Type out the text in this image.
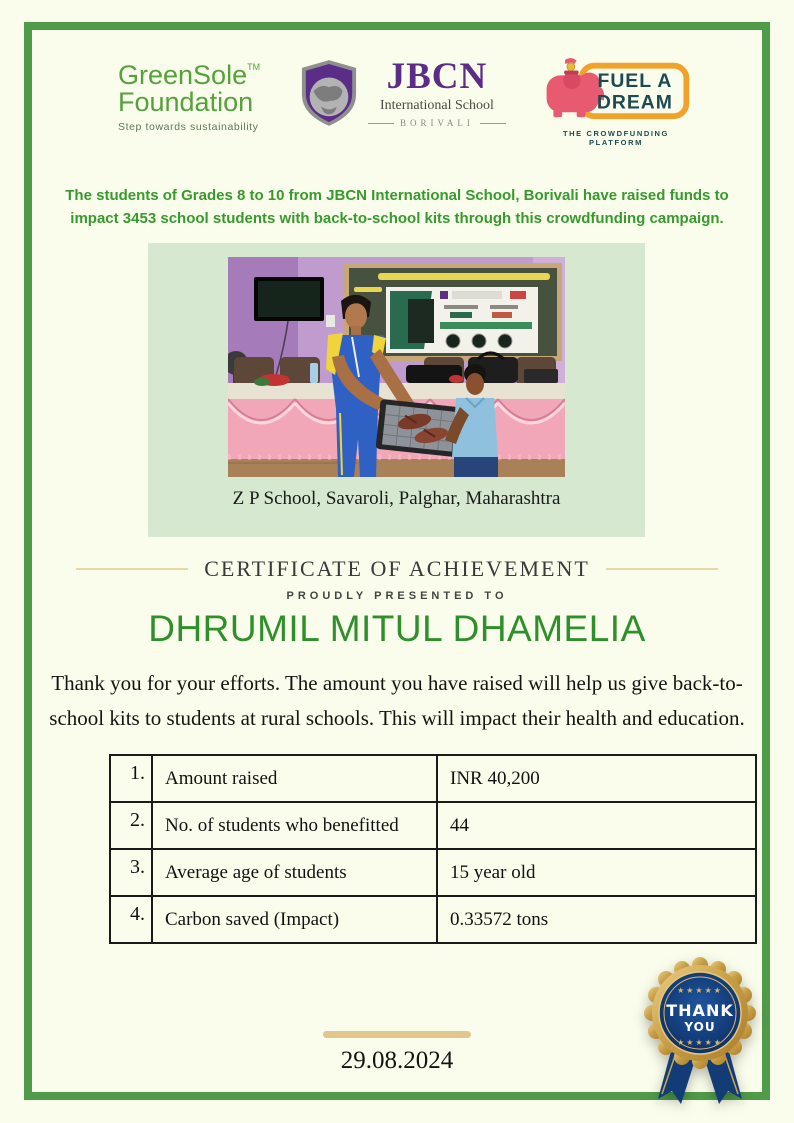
GreenSole™
Foundation
Step towards sustainability
JBCN
International School
BORIVALI
FUEL A
DREAM
THE CROWDFUNDING PLATFORM
The students of Grades 8 to 10 from JBCN International School, Borivali have raised funds to impact 3453 school students with back-to-school kits through this crowdfunding campaign.
Z P School, Savaroli, Palghar, Maharashtra
CERTIFICATE OF ACHIEVEMENT
PROUDLY PRESENTED TO
DHRUMIL MITUL DHAMELIA
Thank you for your efforts. The amount you have raised will help us give back-to-school kits to students at rural schools. This will impact their health and education.
1.	Amount raised	INR 40,200
2.	No. of students who benefitted	44
3.	Average age of students	15 year old
4.	Carbon saved (Impact)	0.33572 tons
29.08.2024
★★★★★
THANK
YOU
★★★★★
